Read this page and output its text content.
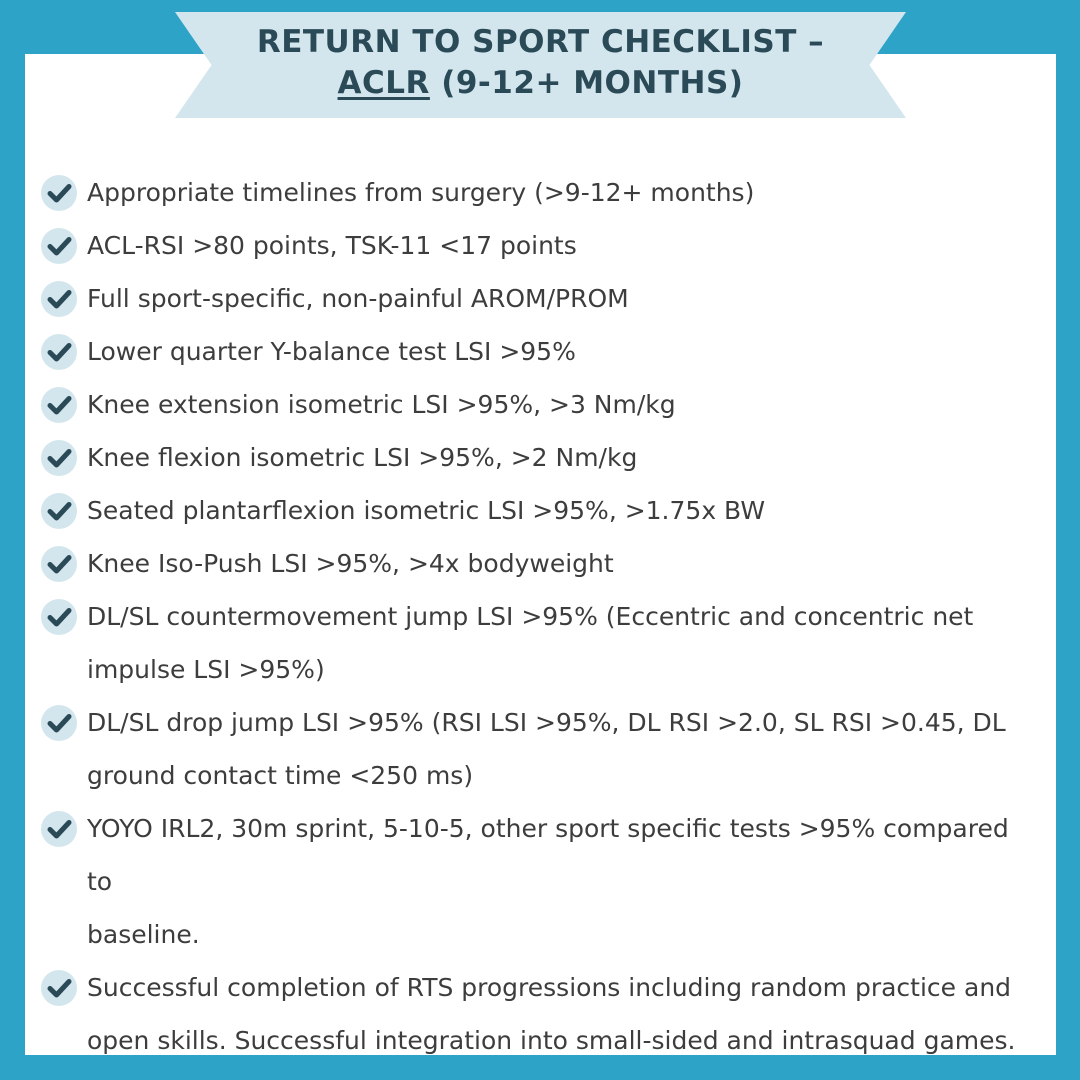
RETURN TO SPORT CHECKLIST –
ACLR (9-12+ MONTHS)
Appropriate timelines from surgery (>9-12+ months)
ACL-RSI >80 points, TSK-11 <17 points
Full sport-specific, non-painful AROM/PROM
Lower quarter Y-balance test LSI >95%
Knee extension isometric LSI >95%, >3 Nm/kg
Knee flexion isometric LSI >95%, >2 Nm/kg
Seated plantarflexion isometric LSI >95%, >1.75x BW
Knee Iso-Push LSI >95%, >4x bodyweight
DL/SL countermovement jump LSI >95% (Eccentric and concentric net
impulse LSI >95%)
DL/SL drop jump LSI >95% (RSI LSI >95%, DL RSI >2.0, SL RSI >0.45, DL
ground contact time <250 ms)
YOYO IRL2, 30m sprint, 5-10-5, other sport specific tests >95% compared to
baseline.
Successful completion of RTS progressions including random practice and
open skills. Successful integration into small-sided and intrasquad games.
